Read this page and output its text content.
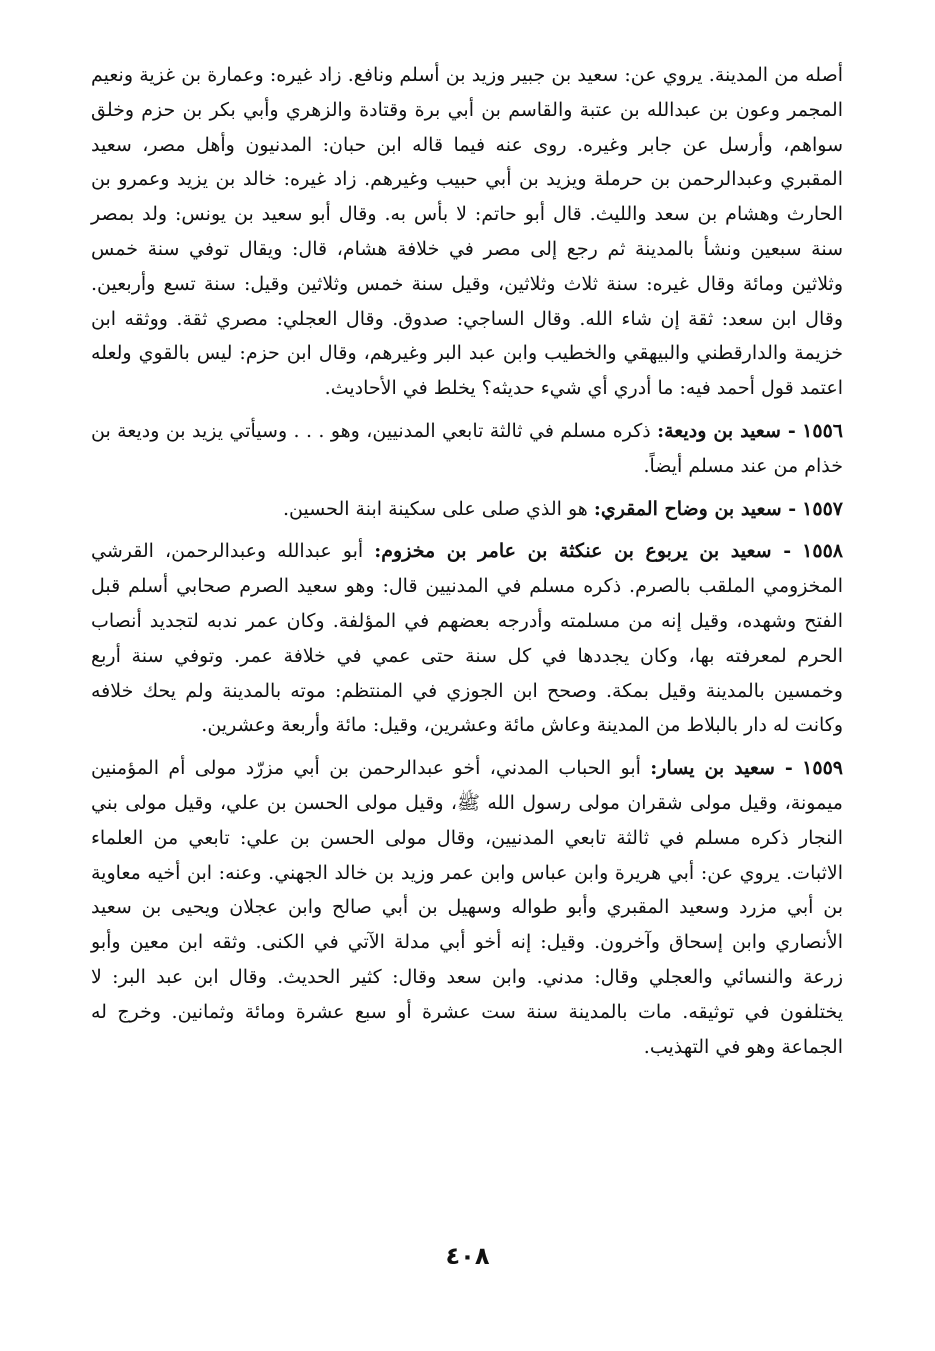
أصله من المدينة. يروي عن: سعيد بن جبير وزيد بن أسلم ونافع. زاد غيره: وعمارة بن غزية ونعيم المجمر وعون بن عبدالله بن عتبة والقاسم بن أبي برة وقتادة والزهري وأبي بكر بن حزم وخلق سواهم، وأرسل عن جابر وغيره. روى عنه فيما قاله ابن حبان: المدنيون وأهل مصر، سعيد المقبري وعبدالرحمن بن حرملة ويزيد بن أبي حبيب وغيرهم. زاد غيره: خالد بن يزيد وعمرو بن الحارث وهشام بن سعد والليث. قال أبو حاتم: لا بأس به. وقال أبو سعيد بن يونس: ولد بمصر سنة سبعين ونشأ بالمدينة ثم رجع إلى مصر في خلافة هشام، قال: ويقال توفي سنة خمس وثلاثين ومائة وقال غيره: سنة ثلاث وثلاثين، وقيل سنة خمس وثلاثين وقيل: سنة تسع وأربعين. وقال ابن سعد: ثقة إن شاء الله. وقال الساجي: صدوق. وقال العجلي: مصري ثقة. ووثقه ابن خزيمة والدارقطني والبيهقي والخطيب وابن عبد البر وغيرهم، وقال ابن حزم: ليس بالقوي ولعله اعتمد قول أحمد فيه: ما أدري أي شيء حديثه؟ يخلط في الأحاديث.

١٥٥٦ - سعيد بن وديعة: ذكره مسلم في ثالثة تابعي المدنيين، وهو . . . وسيأتي يزيد بن وديعة بن خذام من عند مسلم أيضاً.

١٥٥٧ - سعيد بن وضاح المقري: هو الذي صلى على سكينة ابنة الحسين.

١٥٥٨ - سعيد بن يربوع بن عنكثة بن عامر بن مخزوم: أبو عبدالله وعبدالرحمن، القرشي المخزومي الملقب بالصرم. ذكره مسلم في المدنيين قال: وهو سعيد الصرم صحابي أسلم قبل الفتح وشهده، وقيل إنه من مسلمته وأدرجه بعضهم في المؤلفة. وكان عمر ندبه لتجديد أنصاب الحرم لمعرفته بها، وكان يجددها في كل سنة حتى عمي في خلافة عمر. وتوفي سنة أربع وخمسين بالمدينة وقيل بمكة. وصحح ابن الجوزي في المنتظم: موته بالمدينة ولم يحك خلافه وكانت له دار بالبلاط من المدينة وعاش مائة وعشرين، وقيل: مائة وأربعة وعشرين.

١٥٥٩ - سعيد بن يسار: أبو الحباب المدني، أخو عبدالرحمن بن أبي مزرّد مولى أم المؤمنين ميمونة، وقيل مولى شقران مولى رسول الله ﷺ، وقيل مولى الحسن بن علي، وقيل مولى بني النجار ذكره مسلم في ثالثة تابعي المدنيين، وقال مولى الحسن بن علي: تابعي من العلماء الاثبات. يروي عن: أبي هريرة وابن عباس وابن عمر وزيد بن خالد الجهني. وعنه: ابن أخيه معاوية بن أبي مزرد وسعيد المقبري وأبو طواله وسهيل بن أبي صالح وابن عجلان ويحيى بن سعيد الأنصاري وابن إسحاق وآخرون. وقيل: إنه أخو أبي مدلة الآتي في الكنى. وثقه ابن معين وأبو زرعة والنسائي والعجلي وقال: مدني. وابن سعد وقال: كثير الحديث. وقال ابن عبد البر: لا يختلفون في توثيقه. مات بالمدينة سنة ست عشرة أو سبع عشرة ومائة وثمانين. وخرج له الجماعة وهو في التهذيب.

٤٠٨
